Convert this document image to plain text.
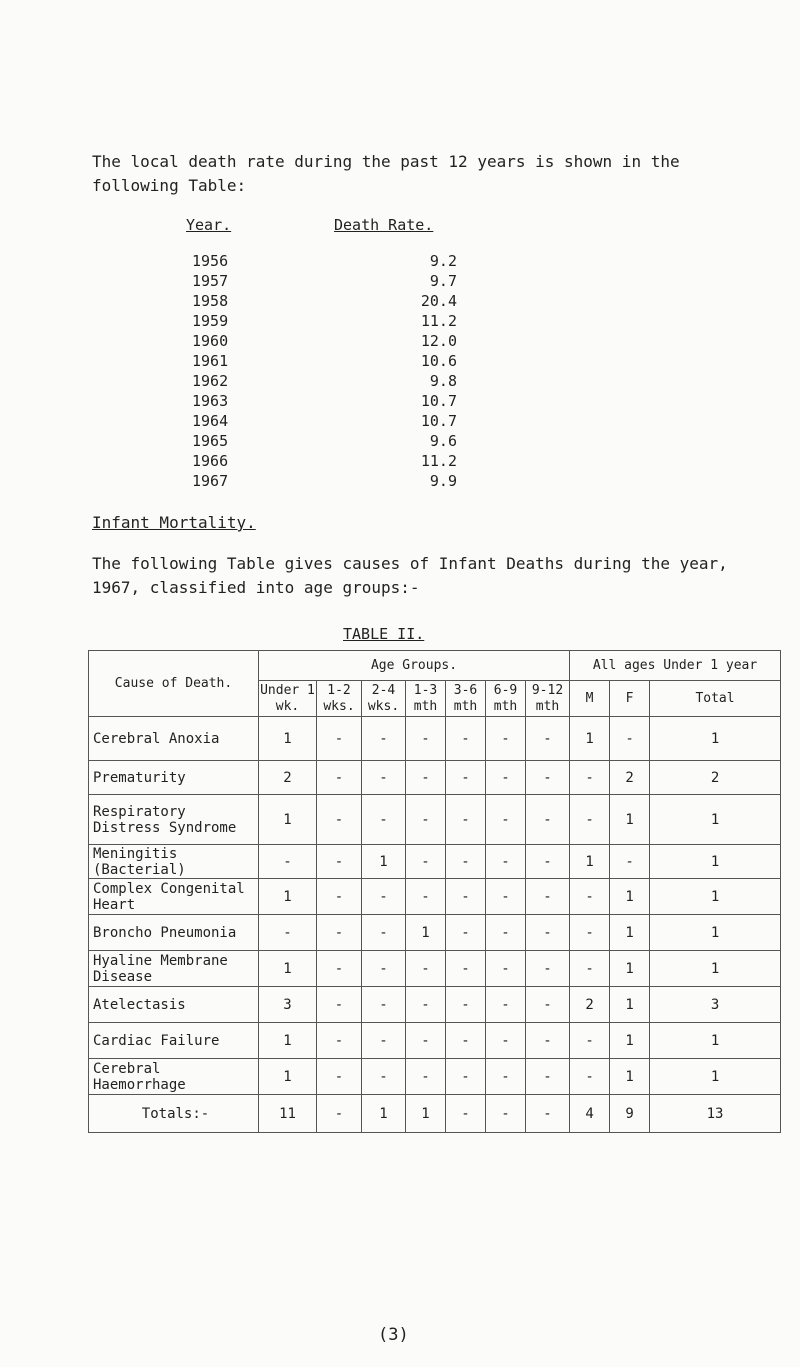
The local death rate during the past 12 years is shown in the following Table:
Year.	Death Rate.
1956	9.2
1957	9.7
1958	20.4
1959	11.2
1960	12.0
1961	10.6
1962	9.8
1963	10.7
1964	10.7
1965	9.6
1966	11.2
1967	9.9
Infant Mortality.
The following Table gives causes of Infant Deaths during the year, 1967, classified into age groups:-
TABLE II.
Cause of Death.	Age Groups.							All ages Under 1 year		
	Under 1 wk.	1-2 wks.	2-4 wks.	1-3 mth	3-6 mth	6-9 mth	9-12 mth	M	F	Total
Cerebral Anoxia	1	-	-	-	-	-	-	1	-	1
Prematurity	2	-	-	-	-	-	-	-	2	2
Respiratory Distress Syndrome	1	-	-	-	-	-	-	-	1	1
Meningitis (Bacterial)	-	-	1	-	-	-	-	1	-	1
Complex Congenital Heart	1	-	-	-	-	-	-	-	1	1
Broncho Pneumonia	-	-	-	1	-	-	-	-	1	1
Hyaline Membrane Disease	1	-	-	-	-	-	-	-	1	1
Atelectasis	3	-	-	-	-	-	-	2	1	3
Cardiac Failure	1	-	-	-	-	-	-	-	1	1
Cerebral Haemorrhage	1	-	-	-	-	-	-	-	1	1
Totals:-	11	-	1	1	-	-	-	4	9	13
(3)
